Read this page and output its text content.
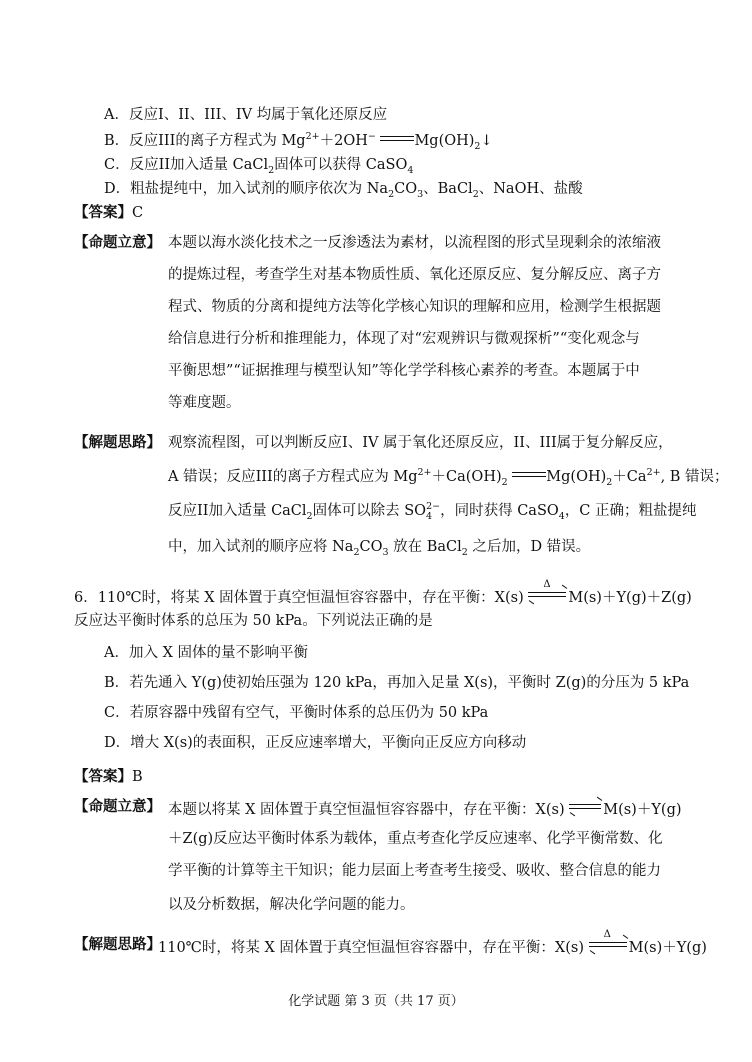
A．反应I、II、III、IV 均属于氧化还原反应
B．反应III的离子方程式为 $Mg^{2+}+2OH^-$	$Mg(OH)_2↓$
C．反应II加入适量 CaCl$_2$固体可以获得 CaSO$_4$
D．粗盐提纯中，加入试剂的顺序依次为 $Na_2CO_3$、BaCl$_2$、NaOH、盐酸
【答案】C
【命题立意】 本题以海水淡化技术之一反渗透法为素材，以流程图的形式呈现剩余的浓缩液
的提炼过程，考查学生对基本物质性质、氧化还原反应、复分解反应、离子方
程式、物质的分离和提纯方法等化学核心知识的理解和应用，检测学生根据题
给信息进行分析和推理能力，体现了对“宏观辨识与微观探析”“变化观念与
平衡思想”“证据推理与模型认知”等化学学科核心素养的考查。本题属于中
等难度题。
【解题思路】 观察流程图，可以判断反应I、IV 属于氧化还原反应，II、III属于复分解反应，
A 错误；反应III的离子方程式应为 $Mg^{2+}+Ca(OH)_2$	$Mg(OH)_2+Ca^{2+}$, B 错误；
反应II加入适量 CaCl$_2$固体可以除去 $SO_4^{2-}$，同时获得 CaSO$_4$，C 正确；粗盐提纯
中，加入试剂的顺序应将 $Na_2CO_3$ 放在 BaCl$_2$ 之后加，D 错误。
6．110℃时，将某 X 固体置于真空恒温恒容容器中，存在平衡：X(s)
Δ
M(s)＋Y(g)＋Z(g)
反应达平衡时体系的总压为 50 kPa。下列说法正确的是
A．加入 X 固体的量不影响平衡
B．若先通入 Y(g)使初始压强为 120 kPa，再加入足量 X(s)，平衡时 Z(g)的分压为 5 kPa
C．若原容器中残留有空气，平衡时体系的总压仍为 50 kPa
D．增大 X(s)的表面积，正反应速率增大，平衡向正反应方向移动
【答案】B
【命题立意】 本题以将某 X 固体置于真空恒温恒容容器中，存在平衡：X(s) ⇌M(s)＋Y(g)
＋Z(g)反应达平衡时体系为载体，重点考查化学反应速率、化学平衡常数、化
学平衡的计算等主干知识；能力层面上考查考生接受、吸收、整合信息的能力
以及分析数据，解决化学问题的能力。
【解题思路】
110℃时，将某 X 固体置于真空恒温恒容容器中，存在平衡：X(s)
Δ
M(s)＋Y(g)
化学试题 第 3 页（共 17 页）
